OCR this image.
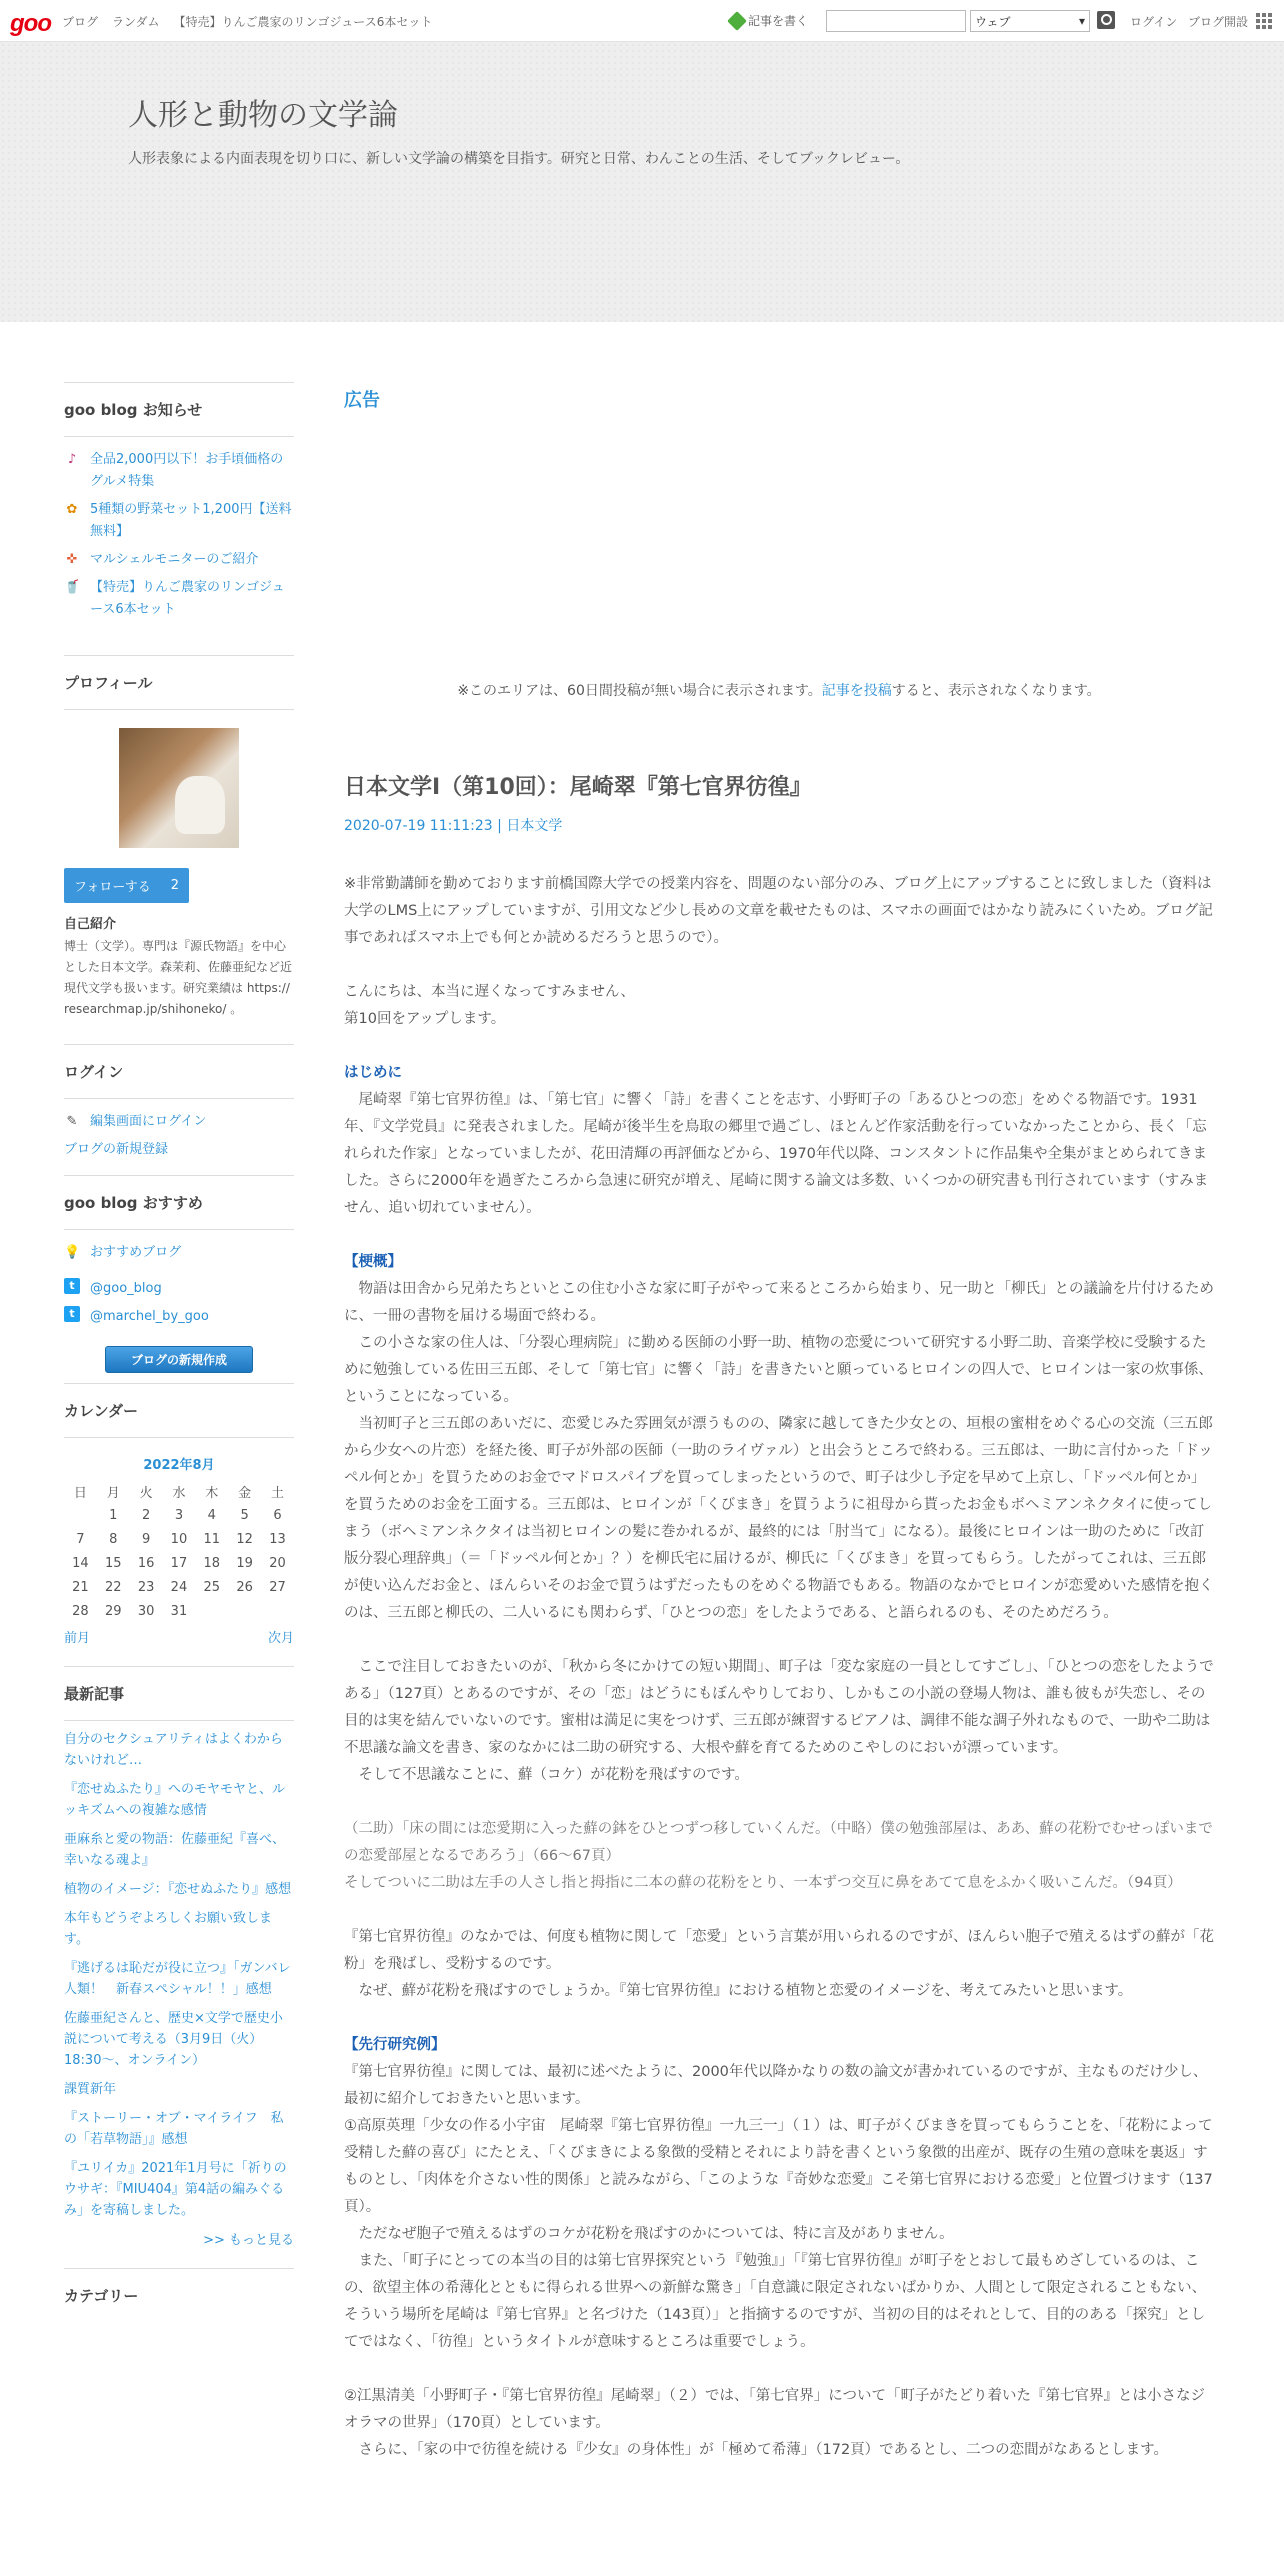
goo ブログ ランダム 【特売】りんご農家のリンゴジュース6本セット	記事を書く	ウェブ	▾	ログイン ブログ開設
人形と動物の文学論
人形表象による内面表現を切り口に、新しい文学論の構築を目指す。研究と日常、わんことの生活、そしてブックレビュー。
goo blog お知らせ
♪ 全品2,000円以下！お手頃価格のグルメ特集
✿ 5種類の野菜セット1,200円【送料無料】
✜ マルシェルモニターのご紹介
🥤 【特売】りんご農家のリンゴジュース6本セット
プロフィール
フォローする 2
自己紹介
博士（文学）。専門は『源氏物語』を中心とした日本文学。森茉莉、佐藤亜紀など近現代文学も扱います。研究業績は https://researchmap.jp/shihoneko/ 。
ログイン
✎ 編集画面にログイン
ブログの新規登録
goo blog おすすめ
💡 おすすめブログ
t	@goo_blog
t	@marchel_by_goo
ブログの新規作成
カレンダー
2022年8月
日	月	火	水	木	金	土
	1	2	3	4	5	6
7	8	9	10	11	12	13
14	15	16	17	18	19	20
21	22	23	24	25	26	27
28	29	30	31			
前月	次月
最新記事
自分のセクシュアリティはよくわからないけれど…
『恋せぬふたり』へのモヤモヤと、ルッキズムへの複雑な感情
亜麻糸と愛の物語：佐藤亜紀『喜べ、幸いなる魂よ』
植物のイメージ：『恋せぬふたり』感想
本年もどうぞよろしくお願い致します。
『逃げるは恥だが役に立つ』「ガンバレ人類！　新春スペシャル！！」感想
佐藤亜紀さんと、歴史×文学で歴史小説について考える（3月9日（火）18:30～、オンライン）
課質新年
『ストーリー・オブ・マイライフ　私の「若草物語」』感想
『ユリイカ』2021年1月号に「祈りのウサギ：『MIU404』第4話の編みぐるみ」を寄稿しました。
>> もっと見る
カテゴリー
広告
※このエリアは、60日間投稿が無い場合に表示されます。記事を投稿すると、表示されなくなります。
日本文学Ⅰ（第10回）：尾崎翠『第七官界彷徨』
2020-07-19 11:11:23 | 日本文学

※非常勤講師を勤めております前橋国際大学での授業内容を、問題のない部分のみ、ブログ上にアップすることに致しました（資料は大学のLMS上にアップしていますが、引用文など少し長めの文章を載せたものは、スマホの画面ではかなり読みにくいため。ブログ記事であればスマホ上でも何とか読めるだろうと思うので）。

こんにちは、本当に遅くなってすみません、

第10回をアップします。

はじめに

　尾崎翠『第七官界彷徨』は、「第七官」に響く「詩」を書くことを志す、小野町子の「あるひとつの恋」をめぐる物語です。1931年、『文学党員』に発表されました。尾崎が後半生を鳥取の郷里で過ごし、ほとんど作家活動を行っていなかったことから、長く「忘れられた作家」となっていましたが、花田清輝の再評価などから、1970年代以降、コンスタントに作品集や全集がまとめられてきました。さらに2000年を過ぎたころから急速に研究が増え、尾崎に関する論文は多数、いくつかの研究書も刊行されています（すみません、追い切れていません）。

【梗概】

　物語は田舎から兄弟たちといとこの住む小さな家に町子がやって来るところから始まり、兄一助と「柳氏」との議論を片付けるために、一冊の書物を届ける場面で終わる。

　この小さな家の住人は、「分裂心理病院」に勤める医師の小野一助、植物の恋愛について研究する小野二助、音楽学校に受験するために勉強している佐田三五郎、そして「第七官」に響く「詩」を書きたいと願っているヒロインの四人で、ヒロインは一家の炊事係、ということになっている。

　当初町子と三五郎のあいだに、恋愛じみた雰囲気が漂うものの、隣家に越してきた少女との、垣根の蜜柑をめぐる心の交流（三五郎から少女への片恋）を経た後、町子が外部の医師（一助のライヴァル）と出会うところで終わる。三五郎は、一助に言付かった「ドッペル何とか」を買うためのお金でマドロスパイプを買ってしまったというので、町子は少し予定を早めて上京し、「ドッペル何とか」を買うためのお金を工面する。三五郎は、ヒロインが「くびまき」を買うように祖母から貰ったお金もボヘミアンネクタイに使ってしまう（ボヘミアンネクタイは当初ヒロインの髪に巻かれるが、最終的には「肘当て」になる）。最後にヒロインは一助のために「改訂版分裂心理辞典」（＝「ドッペル何とか」？）を柳氏宅に届けるが、柳氏に「くびまき」を買ってもらう。したがってこれは、三五郎が使い込んだお金と、ほんらいそのお金で買うはずだったものをめぐる物語でもある。物語のなかでヒロインが恋愛めいた感情を抱くのは、三五郎と柳氏の、二人いるにも関わらず、「ひとつの恋」をしたようである、と語られるのも、そのためだろう。

　ここで注目しておきたいのが、「秋から冬にかけての短い期間」、町子は「変な家庭の一員としてすごし」、「ひとつの恋をしたようである」（127頁）とあるのですが、その「恋」はどうにもぼんやりしており、しかもこの小説の登場人物は、誰も彼もが失恋し、その目的は実を結んでいないのです。蜜柑は満足に実をつけず、三五郎が練習するピアノは、調律不能な調子外れなもので、一助や二助は不思議な論文を書き、家のなかには二助の研究する、大根や蘚を育てるためのこやしのにおいが漂っています。

　そして不思議なことに、蘚（コケ）が花粉を飛ばすのです。

（二助）「床の間には恋愛期に入った蘚の鉢をひとつずつ移していくんだ。（中略）僕の勉強部屋は、ああ、蘚の花粉でむせっぽいまでの恋愛部屋となるであろう」（66～67頁）

そしてついに二助は左手の人さし指と拇指に二本の蘚の花粉をとり、一本ずつ交互に鼻をあてて息をふかく吸いこんだ。（94頁）

『第七官界彷徨』のなかでは、何度も植物に関して「恋愛」という言葉が用いられるのですが、ほんらい胞子で殖えるはずの蘚が「花粉」を飛ばし、受粉するのです。

　なぜ、蘚が花粉を飛ばすのでしょうか。『第七官界彷徨』における植物と恋愛のイメージを、考えてみたいと思います。

【先行研究例】

『第七官界彷徨』に関しては、最初に述べたように、2000年代以降かなりの数の論文が書かれているのですが、主なものだけ少し、最初に紹介しておきたいと思います。

①高原英理「少女の作る小宇宙　尾崎翠『第七官界彷徨』一九三一」（１）は、町子がくびまきを買ってもらうことを、「花粉によって受精した蘚の喜び」にたとえ、「くびまきによる象徴的受精とそれにより詩を書くという象徴的出産が、既存の生殖の意味を裏返」すものとし、「肉体を介さない性的関係」と読みながら、「このような『奇妙な恋愛』こそ第七官界における恋愛」と位置づけます（137頁）。

　ただなぜ胞子で殖えるはずのコケが花粉を飛ばすのかについては、特に言及がありません。

　また、「町子にとっての本当の目的は第七官界探究という『勉強』」「『第七官界彷徨』が町子をとおして最もめざしているのは、この、欲望主体の希薄化とともに得られる世界への新鮮な驚き」「自意識に限定されないばかりか、人間として限定されることもない、そういう場所を尾崎は『第七官界』と名づけた（143頁）」と指摘するのですが、当初の目的はそれとして、目的のある「探究」としてではなく、「彷徨」というタイトルが意味するところは重要でしょう。

②江黒清美「小野町子・『第七官界彷徨』尾崎翠」（２）では、「第七官界」について「町子がたどり着いた『第七官界』とは小さなジオラマの世界」（170頁）としています。

　さらに、「家の中で彷徨を続ける『少女』の身体性」が「極めて希薄」（172頁）であるとし、二つの恋間がなあるとします。
